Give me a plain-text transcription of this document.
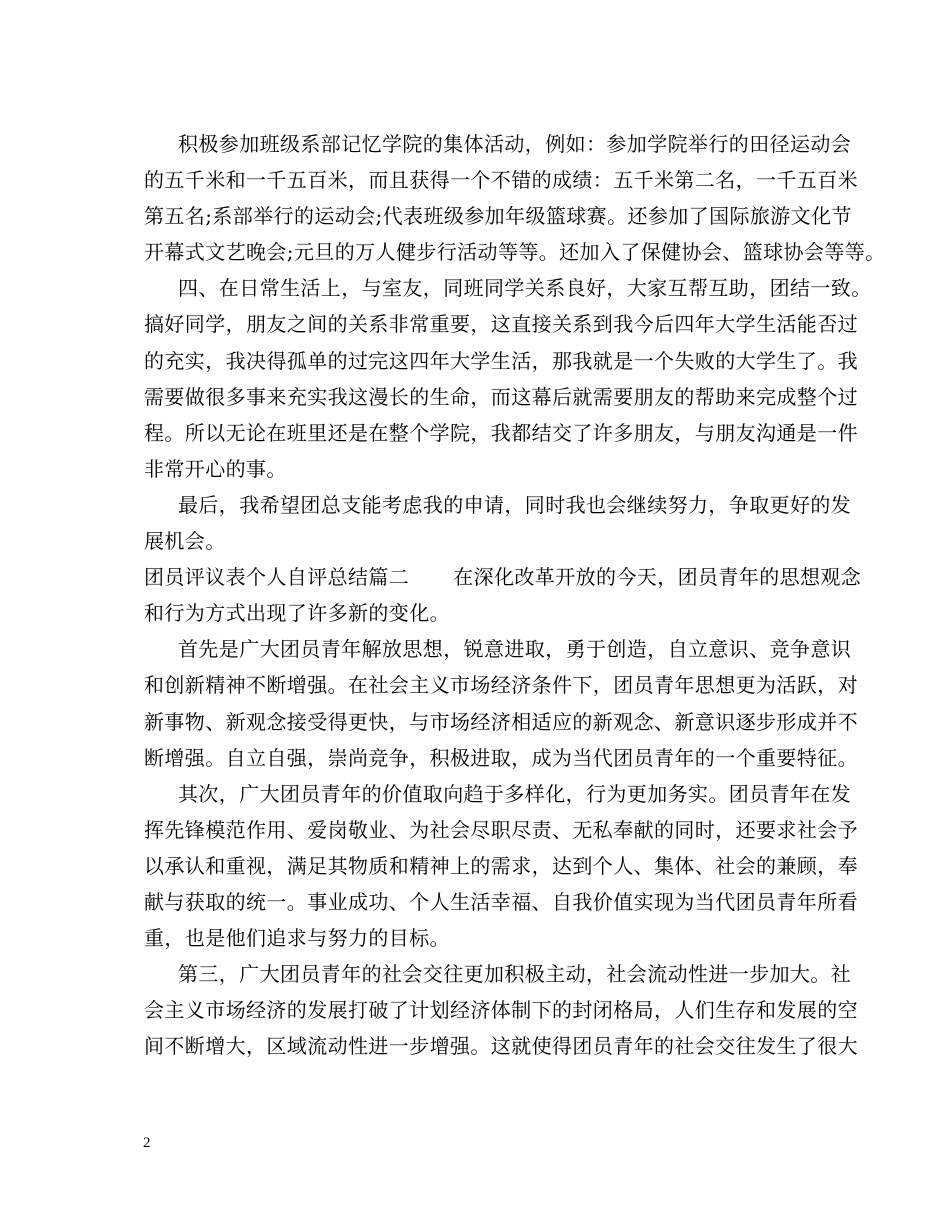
积极参加班级系部记忆学院的集体活动，例如：参加学院举行的田径运动会
的五千米和一千五百米，而且获得一个不错的成绩：五千米第二名，一千五百米
第五名;系部举行的运动会;代表班级参加年级篮球赛。还参加了国际旅游文化节
开幕式文艺晚会;元旦的万人健步行活动等等。还加入了保健协会、篮球协会等等。
四、在日常生活上，与室友，同班同学关系良好，大家互帮互助，团结一致。
搞好同学，朋友之间的关系非常重要，这直接关系到我今后四年大学生活能否过
的充实，我决得孤单的过完这四年大学生活，那我就是一个失败的大学生了。我
需要做很多事来充实我这漫长的生命，而这幕后就需要朋友的帮助来完成整个过
程。所以无论在班里还是在整个学院，我都结交了许多朋友，与朋友沟通是一件
非常开心的事。
最后，我希望团总支能考虑我的申请，同时我也会继续努力，争取更好的发
展机会。
团员评议表个人自评总结篇二 在深化改革开放的今天，团员青年的思想观念
和行为方式出现了许多新的变化。
首先是广大团员青年解放思想，锐意进取，勇于创造，自立意识、竞争意识
和创新精神不断增强。在社会主义市场经济条件下，团员青年思想更为活跃，对
新事物、新观念接受得更快，与市场经济相适应的新观念、新意识逐步形成并不
断增强。自立自强，崇尚竞争，积极进取，成为当代团员青年的一个重要特征。
其次，广大团员青年的价值取向趋于多样化，行为更加务实。团员青年在发
挥先锋模范作用、爱岗敬业、为社会尽职尽责、无私奉献的同时，还要求社会予
以承认和重视，满足其物质和精神上的需求，达到个人、集体、社会的兼顾，奉
献与获取的统一。事业成功、个人生活幸福、自我价值实现为当代团员青年所看
重，也是他们追求与努力的目标。
第三，广大团员青年的社会交往更加积极主动，社会流动性进一步加大。社
会主义市场经济的发展打破了计划经济体制下的封闭格局，人们生存和发展的空
间不断增大，区域流动性进一步增强。这就使得团员青年的社会交往发生了很大
2
